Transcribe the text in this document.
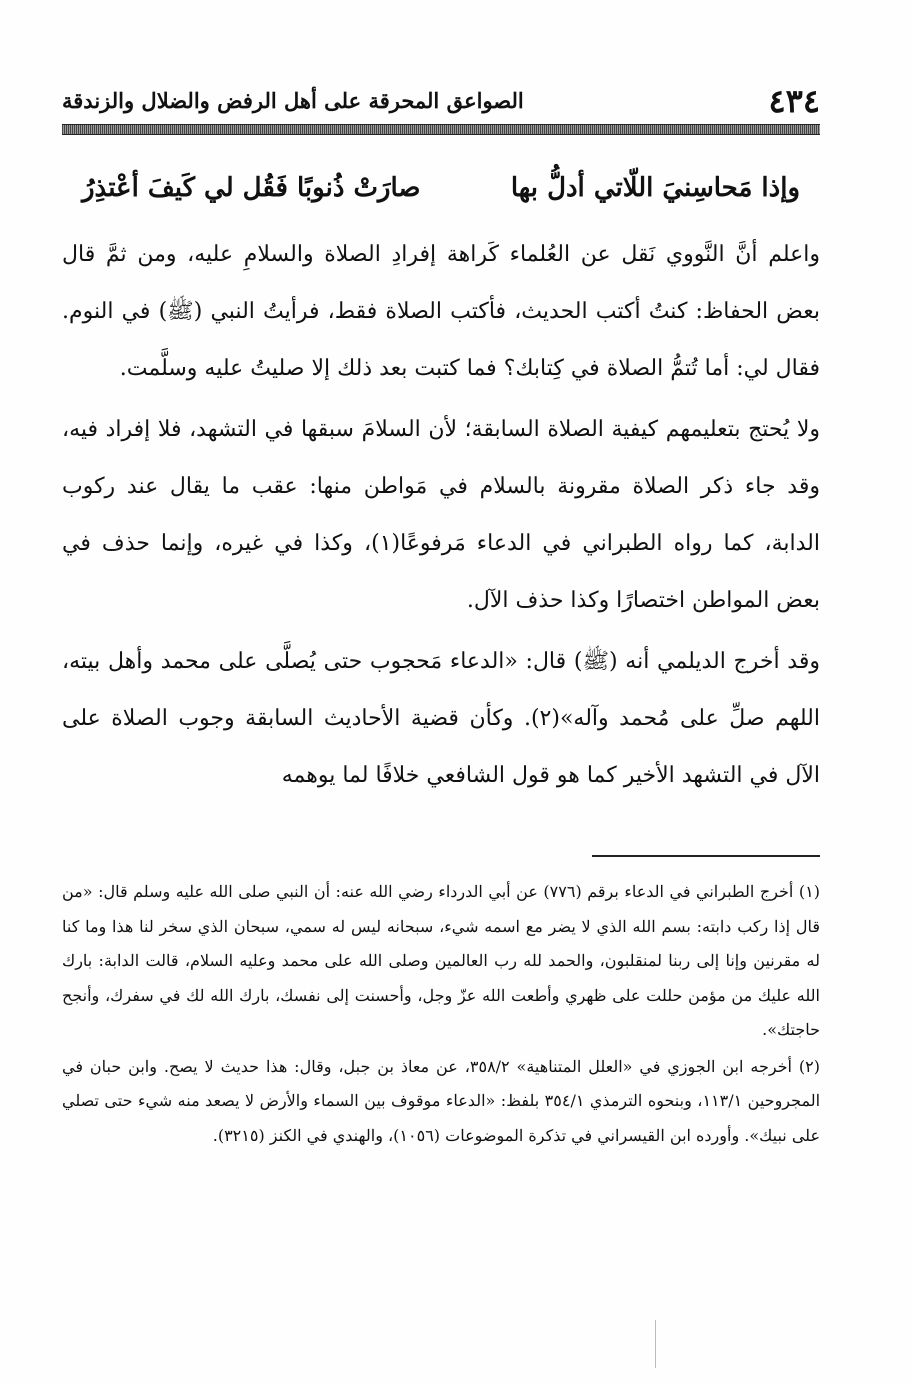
٤٣٤
الصواعق المحرقة على أهل الرفض والضلال والزندقة
وإذا مَحاسِنيَ اللّاتي أدلُّ بها
صارَتْ ذُنوبًا فَقُل لي كَيفَ أعْتذِرُ

واعلم أنَّ النَّووي نَقل عن العُلماء كَراهة إفرادِ الصلاة والسلامِ عليه، ومن ثمَّ قال بعض الحفاظ: كنتُ أكتب الحديث، فأكتب الصلاة فقط، فرأيتُ النبي (ﷺ) في النوم. فقال لي: أما تُتمُّ الصلاة في كِتابك؟ فما كتبت بعد ذلك إلا صليتُ عليه وسلَّمت.

ولا يُحتج بتعليمهم كيفية الصلاة السابقة؛ لأن السلامَ سبقها في التشهد، فلا إفراد فيه، وقد جاء ذكر الصلاة مقرونة بالسلام في مَواطن منها: عقب ما يقال عند ركوب الدابة، كما رواه الطبراني في الدعاء مَرفوعًا(١)، وكذا في غيره، وإنما حذف في بعض المواطن اختصارًا وكذا حذف الآل.

وقد أخرج الديلمي أنه (ﷺ) قال: «الدعاء مَحجوب حتى يُصلَّى على محمد وأهل بيته، اللهم صلِّ على مُحمد وآله»(٢). وكأن قضية الأحاديث السابقة وجوب الصلاة على الآل في التشهد الأخير كما هو قول الشافعي خلافًا لما يوهمه

(١) أخرج الطبراني في الدعاء برقم (٧٧٦) عن أبي الدرداء رضي الله عنه: أن النبي صلى الله عليه وسلم قال: «من قال إذا ركب دابته: بسم الله الذي لا يضر مع اسمه شيء، سبحانه ليس له سمي، سبحان الذي سخر لنا هذا وما كنا له مقرنين وإنا إلى ربنا لمنقلبون، والحمد لله رب العالمين وصلى الله على محمد وعليه السلام، قالت الدابة: بارك الله عليك من مؤمن حللت على ظهري وأطعت الله عزّ وجل، وأحسنت إلى نفسك، بارك الله لك في سفرك، وأنجح حاجتك».

(٢) أخرجه ابن الجوزي في «العلل المتناهية» ٣٥٨/٢، عن معاذ بن جبل، وقال: هذا حديث لا يصح. وابن حبان في المجروحين ١١٣/١، وبنحوه الترمذي ٣٥٤/١ بلفظ: «الدعاء موقوف بين السماء والأرض لا يصعد منه شيء حتى تصلي على نبيك». وأورده ابن القيسراني في تذكرة الموضوعات (١٠٥٦)، والهندي في الكنز (٣٢١٥).
